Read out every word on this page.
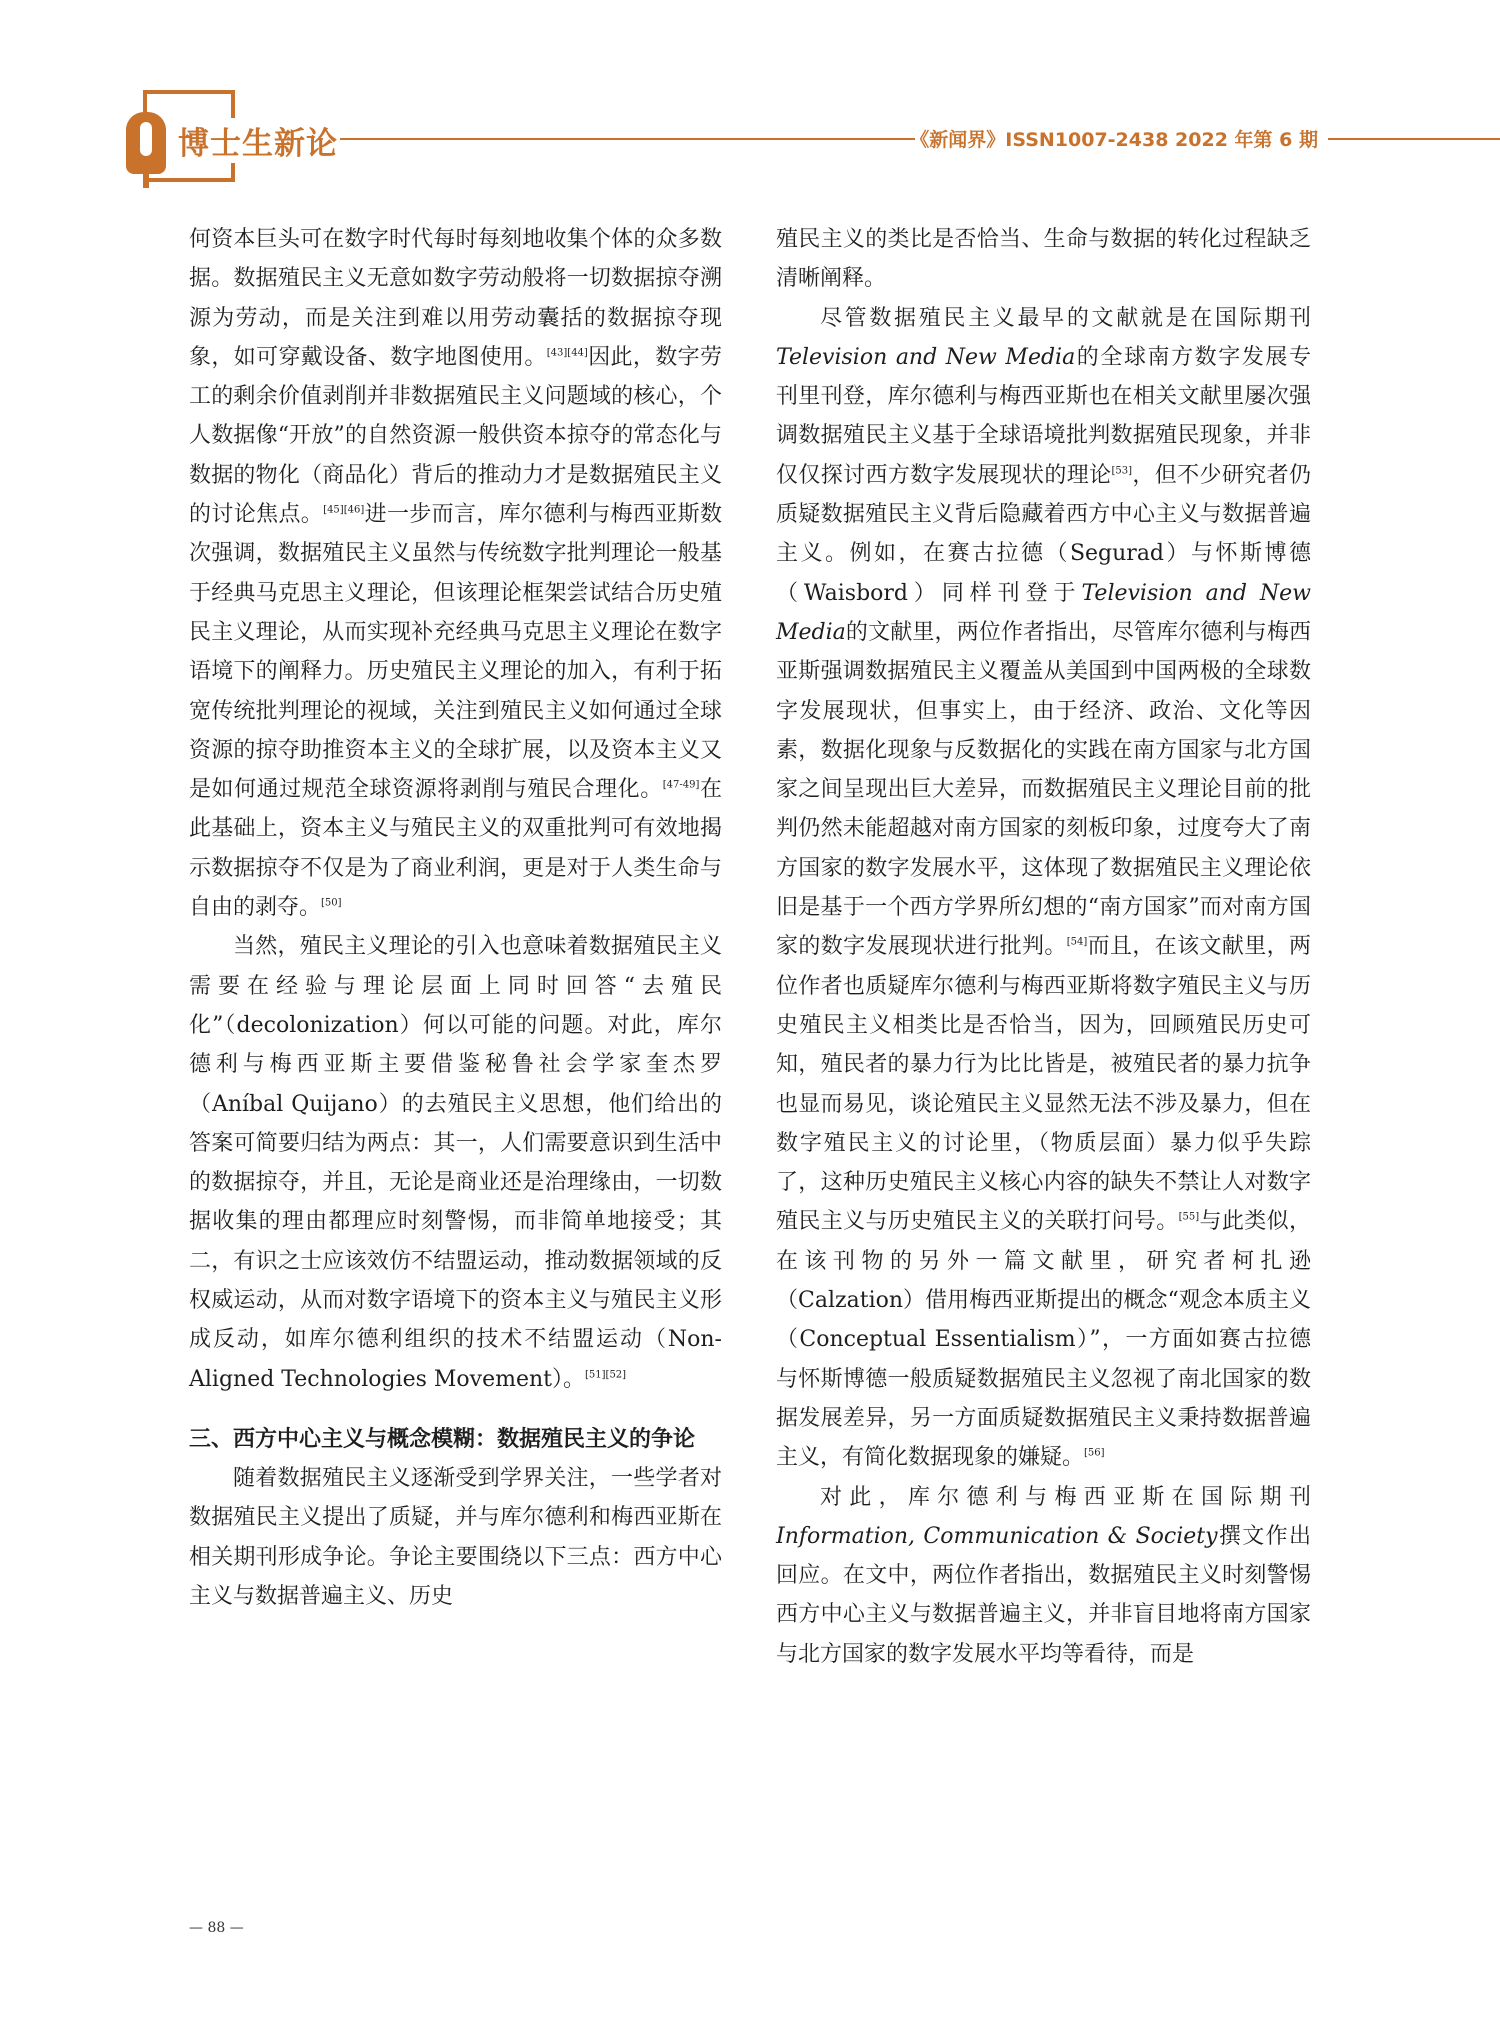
博士生新论	《新闻界》ISSN1007-2438 2022 年第 6 期

何资本巨头可在数字时代每时每刻地收集个体的众多数据。数据殖民主义无意如数字劳动般将一切数据掠夺溯源为劳动，而是关注到难以用劳动囊括的数据掠夺现象，如可穿戴设备、数字地图使用。[43][44]因此，数字劳工的剩余价值剥削并非数据殖民主义问题域的核心，个人数据像“开放”的自然资源一般供资本掠夺的常态化与数据的物化（商品化）背后的推动力才是数据殖民主义的讨论焦点。[45][46]进一步而言，库尔德利与梅西亚斯数次强调，数据殖民主义虽然与传统数字批判理论一般基于经典马克思主义理论，但该理论框架尝试结合历史殖民主义理论，从而实现补充经典马克思主义理论在数字语境下的阐释力。历史殖民主义理论的加入，有利于拓宽传统批判理论的视域，关注到殖民主义如何通过全球资源的掠夺助推资本主义的全球扩展，以及资本主义又是如何通过规范全球资源将剥削与殖民合理化。[47-49]在此基础上，资本主义与殖民主义的双重批判可有效地揭示数据掠夺不仅是为了商业利润，更是对于人类生命与自由的剥夺。[50]

当然，殖民主义理论的引入也意味着数据殖民主义需要在经验与理论层面上同时回答“去殖民化”（decolonization）何以可能的问题。对此，库尔德利与梅西亚斯主要借鉴秘鲁社会学家奎杰罗（Aníbal Quijano）的去殖民主义思想，他们给出的答案可简要归结为两点：其一，人们需要意识到生活中的数据掠夺，并且，无论是商业还是治理缘由，一切数据收集的理由都理应时刻警惕，而非简单地接受；其二，有识之士应该效仿不结盟运动，推动数据领域的反权威运动，从而对数字语境下的资本主义与殖民主义形成反动，如库尔德利组织的技术不结盟运动（Non-Aligned Technologies Movement）。[51][52]

三、西方中心主义与概念模糊：数据殖民主义的争论

随着数据殖民主义逐渐受到学界关注，一些学者对数据殖民主义提出了质疑，并与库尔德利和梅西亚斯在相关期刊形成争论。争论主要围绕以下三点：西方中心主义与数据普遍主义、历史

殖民主义的类比是否恰当、生命与数据的转化过程缺乏清晰阐释。

尽管数据殖民主义最早的文献就是在国际期刊Television and New Media的全球南方数字发展专刊里刊登，库尔德利与梅西亚斯也在相关文献里屡次强调数据殖民主义基于全球语境批判数据殖民现象，并非仅仅探讨西方数字发展现状的理论[53]，但不少研究者仍质疑数据殖民主义背后隐藏着西方中心主义与数据普遍主义。例如，在赛古拉德（Segurad）与怀斯博德（Waisbord）同样刊登于Television and New Media的文献里，两位作者指出，尽管库尔德利与梅西亚斯强调数据殖民主义覆盖从美国到中国两极的全球数字发展现状，但事实上，由于经济、政治、文化等因素，数据化现象与反数据化的实践在南方国家与北方国家之间呈现出巨大差异，而数据殖民主义理论目前的批判仍然未能超越对南方国家的刻板印象，过度夸大了南方国家的数字发展水平，这体现了数据殖民主义理论依旧是基于一个西方学界所幻想的“南方国家”而对南方国家的数字发展现状进行批判。[54]而且，在该文献里，两位作者也质疑库尔德利与梅西亚斯将数字殖民主义与历史殖民主义相类比是否恰当，因为，回顾殖民历史可知，殖民者的暴力行为比比皆是，被殖民者的暴力抗争也显而易见，谈论殖民主义显然无法不涉及暴力，但在数字殖民主义的讨论里，（物质层面）暴力似乎失踪了，这种历史殖民主义核心内容的缺失不禁让人对数字殖民主义与历史殖民主义的关联打问号。[55]与此类似，在该刊物的另外一篇文献里，研究者柯扎逊（Calzation）借用梅西亚斯提出的概念“观念本质主义（Conceptual Essentialism）”，一方面如赛古拉德与怀斯博德一般质疑数据殖民主义忽视了南北国家的数据发展差异，另一方面质疑数据殖民主义秉持数据普遍主义，有简化数据现象的嫌疑。[56]

对此，库尔德利与梅西亚斯在国际期刊Information, Communication & Society撰文作出回应。在文中，两位作者指出，数据殖民主义时刻警惕西方中心主义与数据普遍主义，并非盲目地将南方国家与北方国家的数字发展水平均等看待，而是

— 88 —
